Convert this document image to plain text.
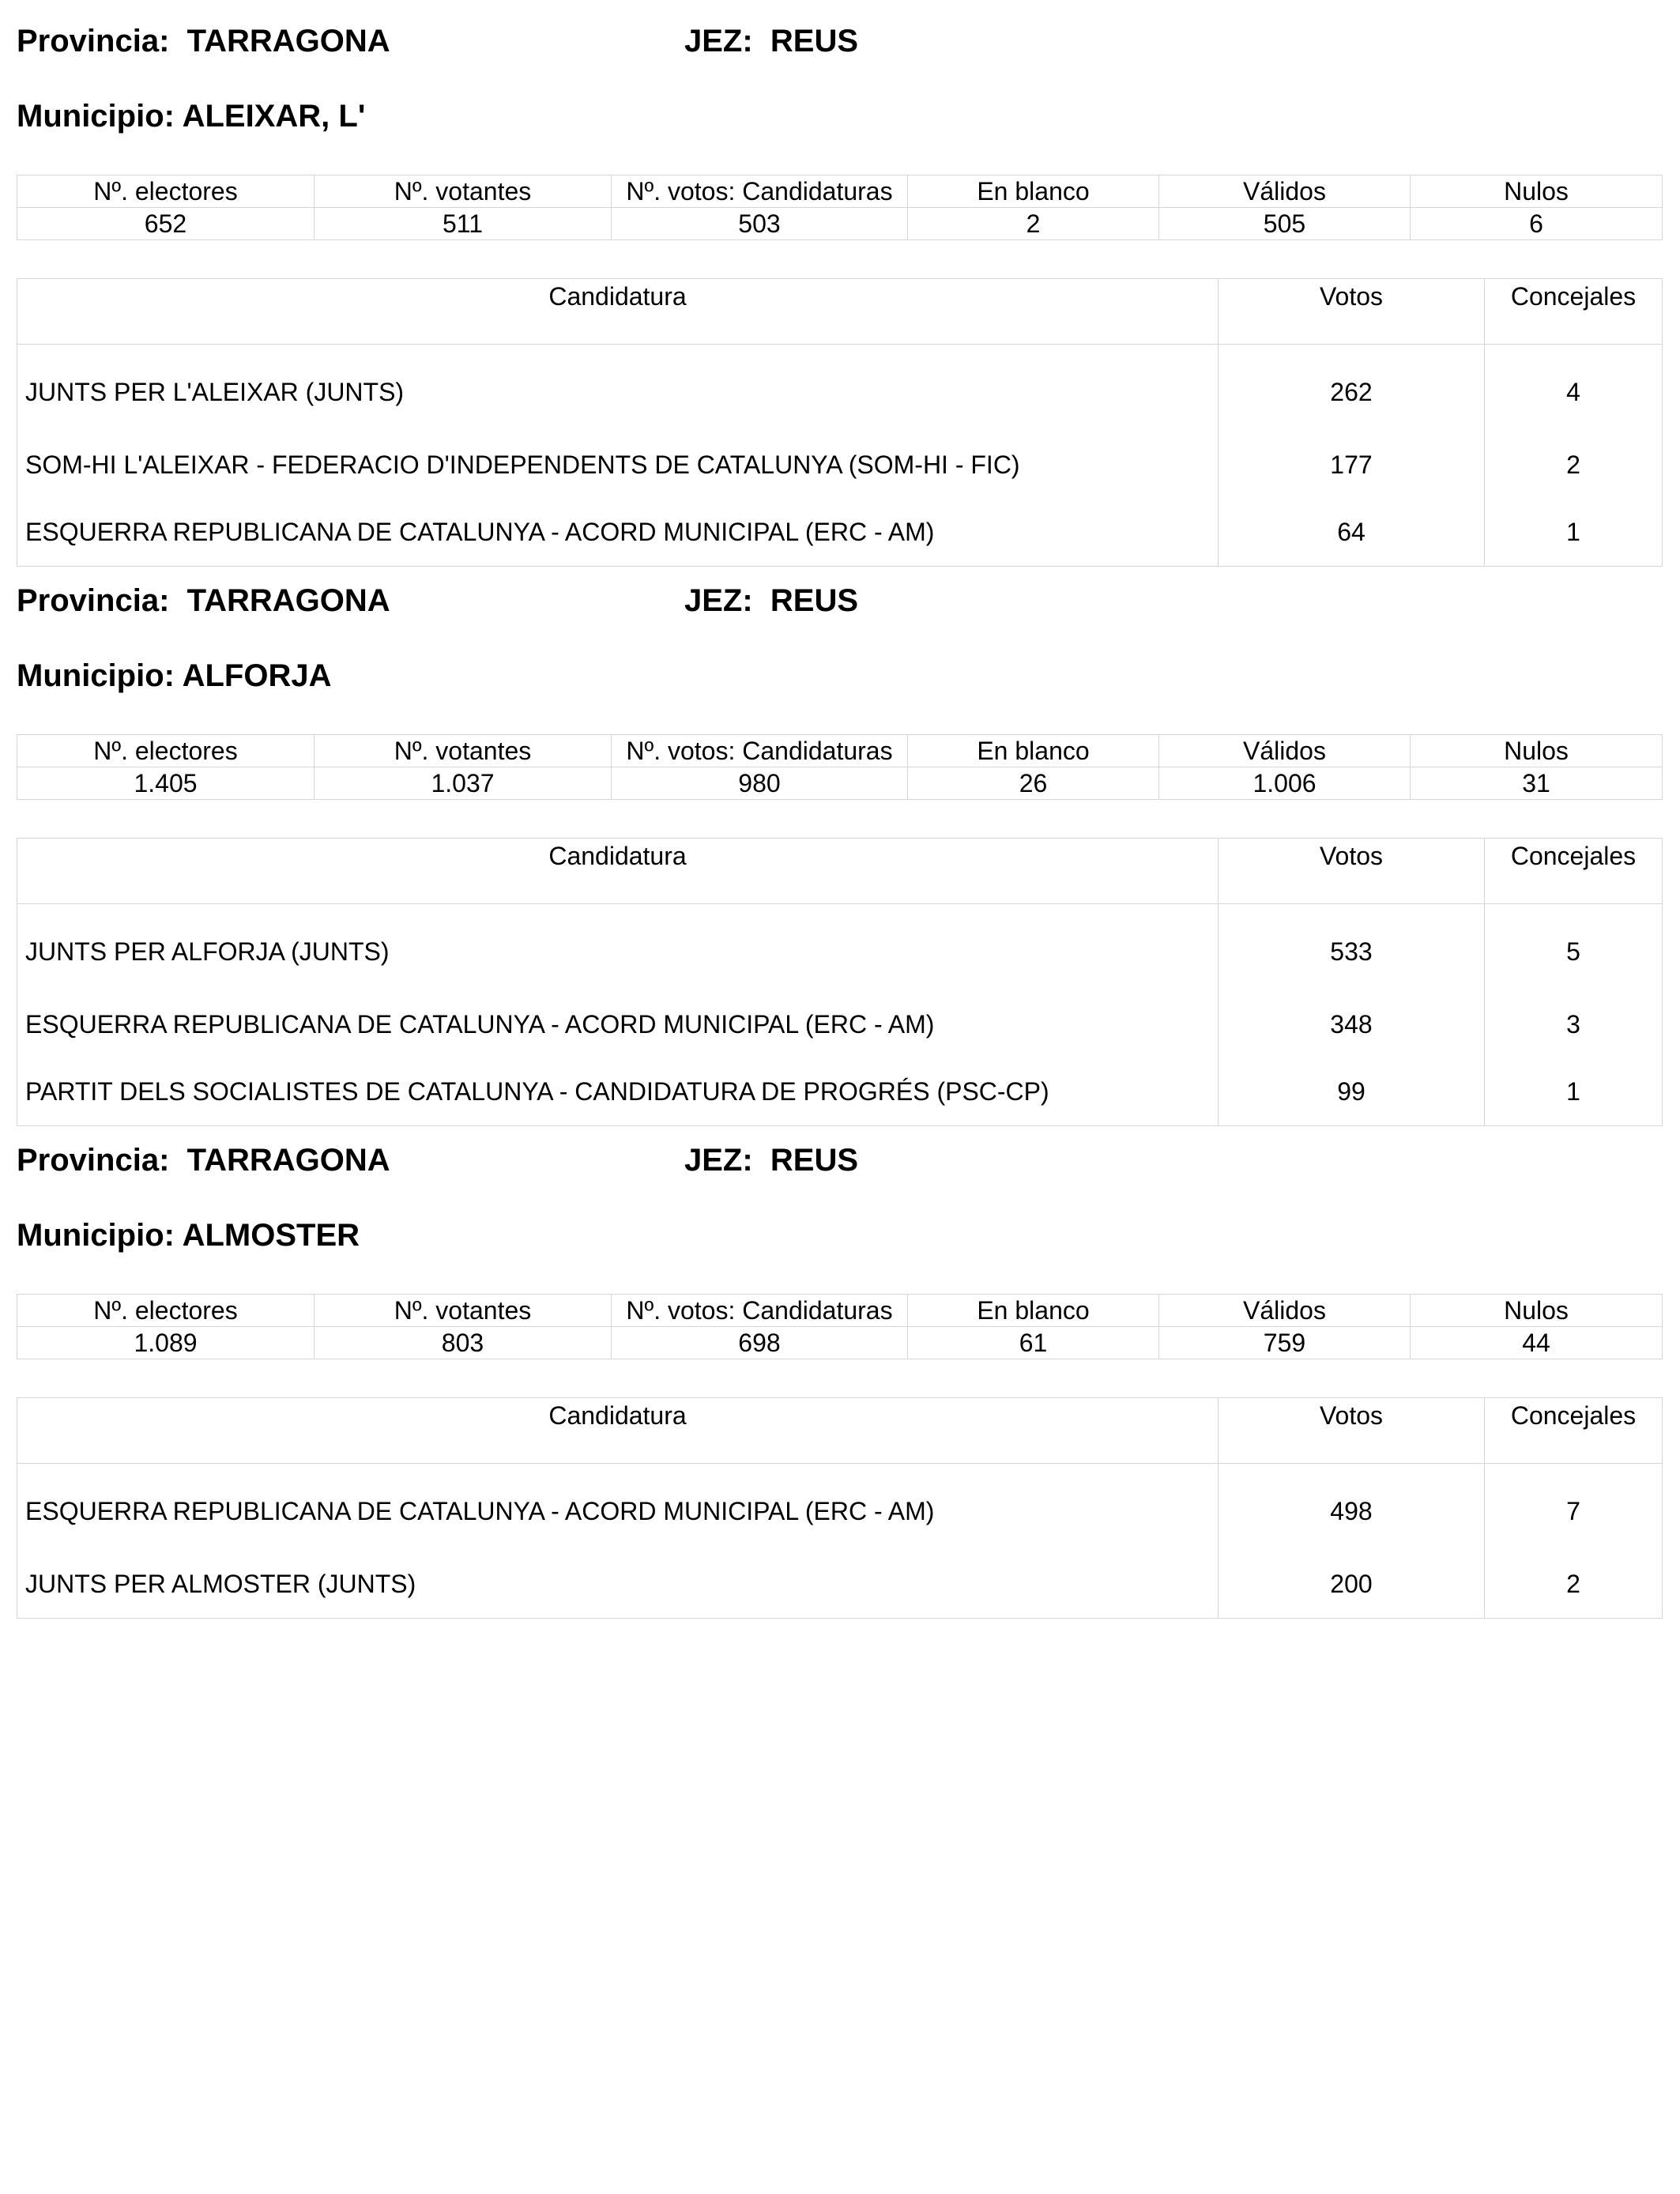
Provincia: TARRAGONA	JEZ: REUS
Municipio: ALEIXAR, L'
Nº. electores	Nº. votantes	Nº. votos: Candidaturas	En blanco	Válidos	Nulos
652	511	503	2	505	6
Candidatura	Votos	Concejales
JUNTS PER L'ALEIXAR (JUNTS)	262	4
SOM-HI L'ALEIXAR - FEDERACIO D'INDEPENDENTS DE CATALUNYA (SOM-HI - FIC)	177	2
ESQUERRA REPUBLICANA DE CATALUNYA - ACORD MUNICIPAL (ERC - AM)	64	1
Provincia: TARRAGONA	JEZ: REUS
Municipio: ALFORJA
Nº. electores	Nº. votantes	Nº. votos: Candidaturas	En blanco	Válidos	Nulos
1.405	1.037	980	26	1.006	31
Candidatura	Votos	Concejales
JUNTS PER ALFORJA (JUNTS)	533	5
ESQUERRA REPUBLICANA DE CATALUNYA - ACORD MUNICIPAL (ERC - AM)	348	3
PARTIT DELS SOCIALISTES DE CATALUNYA - CANDIDATURA DE PROGRÉS (PSC-CP)	99	1
Provincia: TARRAGONA	JEZ: REUS
Municipio: ALMOSTER
Nº. electores	Nº. votantes	Nº. votos: Candidaturas	En blanco	Válidos	Nulos
1.089	803	698	61	759	44
Candidatura	Votos	Concejales
ESQUERRA REPUBLICANA DE CATALUNYA - ACORD MUNICIPAL (ERC - AM)	498	7
JUNTS PER ALMOSTER (JUNTS)	200	2
